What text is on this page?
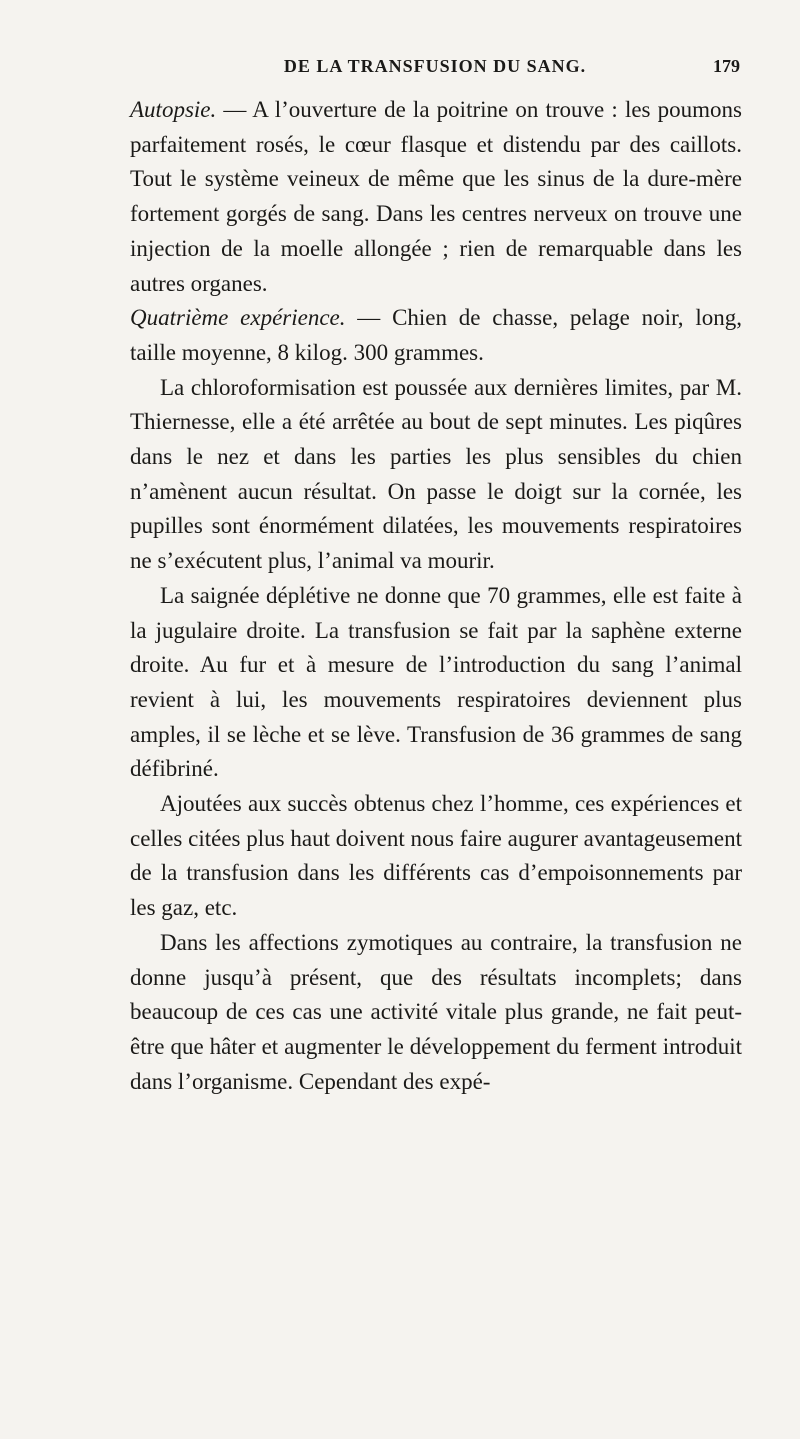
DE LA TRANSFUSION DU SANG.	179

Autopsie. — A l’ouverture de la poitrine on trouve : les poumons parfaitement rosés, le cœur flasque et distendu par des caillots. Tout le système veineux de même que les sinus de la dure-mère fortement gorgés de sang. Dans les centres nerveux on trouve une injection de la moelle allongée ; rien de remarquable dans les autres organes.

Quatrième expérience. — Chien de chasse, pelage noir, long, taille moyenne, 8 kilog. 300 grammes.

La chloroformisation est poussée aux dernières limites, par M. Thiernesse, elle a été arrêtée au bout de sept minutes. Les piqûres dans le nez et dans les parties les plus sensibles du chien n’amènent aucun résultat. On passe le doigt sur la cornée, les pupilles sont énormément dilatées, les mouvements respiratoires ne s’exécutent plus, l’animal va mourir.

La saignée déplétive ne donne que 70 grammes, elle est faite à la jugulaire droite. La transfusion se fait par la saphène externe droite. Au fur et à mesure de l’introduction du sang l’animal revient à lui, les mouvements respiratoires deviennent plus amples, il se lèche et se lève. Transfusion de 36 grammes de sang défibriné.

Ajoutées aux succès obtenus chez l’homme, ces expériences et celles citées plus haut doivent nous faire augurer avantageusement de la transfusion dans les différents cas d’empoisonnements par les gaz, etc.

Dans les affections zymotiques au contraire, la transfusion ne donne jusqu’à présent, que des résultats incomplets; dans beaucoup de ces cas une activité vitale plus grande, ne fait peut-être que hâter et augmenter le développement du ferment introduit dans l’organisme. Cependant des expé-
